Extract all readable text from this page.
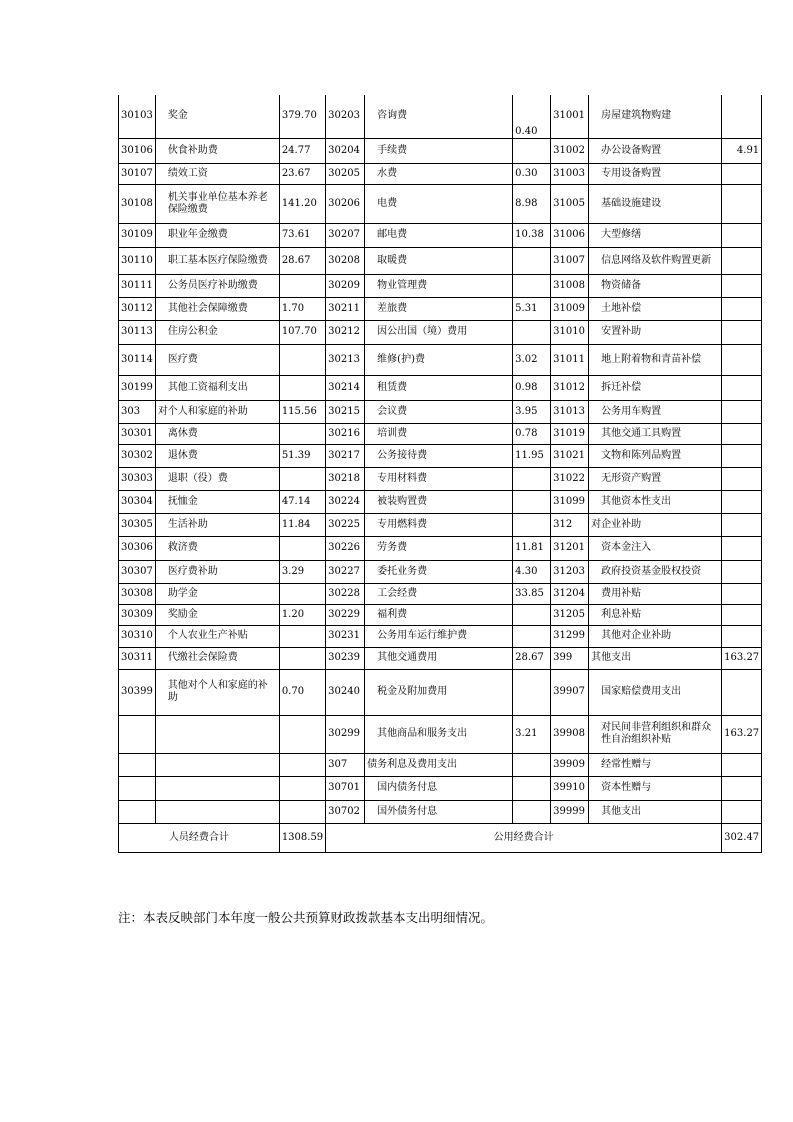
30103	奖金	379.70	30203	咨询费	0.40	31001	房屋建筑物购建	
30106	伙食补助费	24.77	30204	手续费		31002	办公设备购置	4.91
30107	绩效工资	23.67	30205	水费	0.30	31003	专用设备购置	
30108	机关事业单位基本养老保险缴费	141.20	30206	电费	8.98	31005	基础设施建设	
30109	职业年金缴费	73.61	30207	邮电费	10.38	31006	大型修缮	
30110	职工基本医疗保险缴费	28.67	30208	取暖费		31007	信息网络及软件购置更新	
30111	公务员医疗补助缴费		30209	物业管理费		31008	物资储备	
30112	其他社会保障缴费	1.70	30211	差旅费	5.31	31009	土地补偿	
30113	住房公积金	107.70	30212	因公出国（境）费用		31010	安置补助	
30114	医疗费		30213	维修(护)费	3.02	31011	地上附着物和青苗补偿	
30199	其他工资福利支出		30214	租赁费	0.98	31012	拆迁补偿	
303	对个人和家庭的补助	115.56	30215	会议费	3.95	31013	公务用车购置	
30301	离休费		30216	培训费	0.78	31019	其他交通工具购置	
30302	退休费	51.39	30217	公务接待费	11.95	31021	文物和陈列品购置	
30303	退职（役）费		30218	专用材料费		31022	无形资产购置	
30304	抚恤金	47.14	30224	被装购置费		31099	其他资本性支出	
30305	生活补助	11.84	30225	专用燃料费		312	对企业补助	
30306	救济费		30226	劳务费	11.81	31201	资本金注入	
30307	医疗费补助	3.29	30227	委托业务费	4.30	31203	政府投资基金股权投资	
30308	助学金		30228	工会经费	33.85	31204	费用补贴	
30309	奖励金	1.20	30229	福利费		31205	利息补贴	
30310	个人农业生产补贴		30231	公务用车运行维护费		31299	其他对企业补助	
30311	代缴社会保险费		30239	其他交通费用	28.67	399	其他支出	163.27
30399	其他对个人和家庭的补助	0.70	30240	税金及附加费用		39907	国家赔偿费用支出	
			30299	其他商品和服务支出	3.21	39908	对民间非营利组织和群众性自治组织补贴	163.27
			307	债务利息及费用支出		39909	经常性赠与	
			30701	国内债务付息		39910	资本性赠与	
			30702	国外债务付息		39999	其他支出	
人员经费合计		1308.59	公用经费合计					302.47
注：本表反映部门本年度一般公共预算财政拨款基本支出明细情况。
